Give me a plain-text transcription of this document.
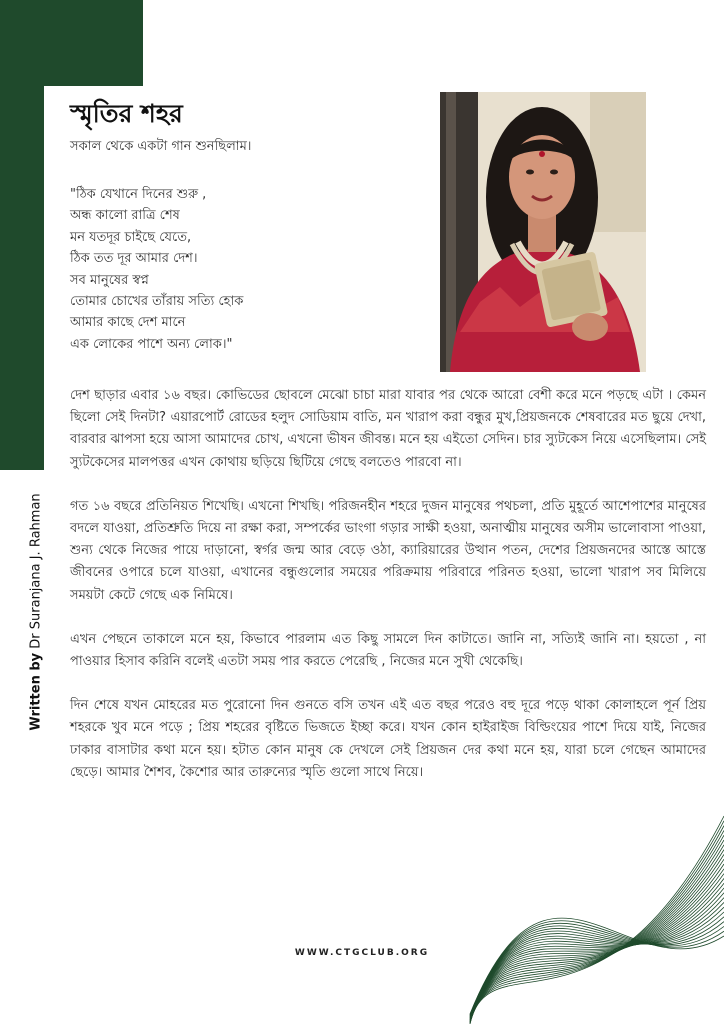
স্মৃতির শহর
সকাল থেকে একটা গান শুনছিলাম।
"ঠিক যেখানে দিনের শুরু ,
অন্ধ কালো রাত্রি শেষ
মন যতদূর চাইছে যেতে,
ঠিক তত দূর আমার দেশ।
সব মানুষের স্বপ্ন
তোমার চোখের তাঁরায় সত্যি হোক
আমার কাছে দেশ মানে
এক লোকের পাশে অন্য লোক।"

দেশ ছাড়ার এবার ১৬ বছর। কোভিডের ছোবলে মেঝো চাচা মারা যাবার পর থেকে আরো বেশী করে মনে পড়ছে এটা । কেমন ছিলো সেই দিনটা? এয়ারপোর্ট রোডের হলুদ সোডিয়াম বাতি, মন খারাপ করা বন্ধুর মুখ,প্রিয়জনকে শেষবারের মত ছুয়ে দেখা, বারবার ঝাপসা হয়ে আসা আমাদের চোখ, এখনো ভীষন জীবন্ত। মনে হয় এইতো সেদিন। চার স্যুটকেস নিয়ে এসেছিলাম। সেই স্যুটকেসের মালপত্তর এখন কোথায় ছড়িয়ে ছিটিয়ে গেছে বলতেও পারবো না।

গত ১৬ বছরে প্রতিনিয়ত শিখেছি। এখনো শিখছি। পরিজনহীন শহরে দুজন মানুষের পথচলা, প্রতি মুহূর্তে আশেপাশের মানুষের বদলে যাওয়া, প্রতিশ্রুতি দিয়ে না রক্ষা করা, সম্পর্কের ভাংগা গড়ার সাক্ষী হওয়া, অনাত্মীয় মানুষের অসীম ভালোবাসা পাওয়া, শুন্য থেকে নিজের পায়ে দাড়ানো, স্বর্গর জন্ম আর বেড়ে ওঠা, ক্যারিয়ারের উত্থান পতন, দেশের প্রিয়জনদের আস্তে আস্তে জীবনের ওপারে চলে যাওয়া, এখানের বন্ধুগুলোর সময়ের পরিক্রমায় পরিবারে পরিনত হওয়া, ভালো খারাপ সব মিলিয়ে সময়টা কেটে গেছে এক নিমিষে।

এখন পেছনে তাকালে মনে হয়, কিভাবে পারলাম এত কিছু সামলে দিন কাটাতে। জানি না, সত্যিই জানি না। হয়তো , না পাওয়ার হিসাব করিনি বলেই এতটা সময় পার করতে পেরেছি , নিজের মনে সুখী থেকেছি।

দিন শেষে যখন মোহরের মত পুরোনো দিন গুনতে বসি তখন এই এত বছর পরেও বহু দূরে পড়ে থাকা কোলাহলে পূর্ন প্রিয় শহরকে খুব মনে পড়ে ; প্রিয় শহরের বৃষ্টিতে ভিজতে ইচ্ছা করে। যখন কোন হাইরাইজ বিল্ডিংয়ের পাশে দিয়ে যাই, নিজের ঢাকার বাসাটার কথা মনে হয়। হটাত কোন মানুষ কে দেখলে সেই প্রিয়জন দের কথা মনে হয়, যারা চলে গেছেন আমাদের ছেড়ে। আমার শৈশব, কৈশোর আর তারুন্যের স্মৃতি গুলো সাথে নিয়ে।

Written by Dr Suranjana J. Rahman
WWW.CTGCLUB.ORG
